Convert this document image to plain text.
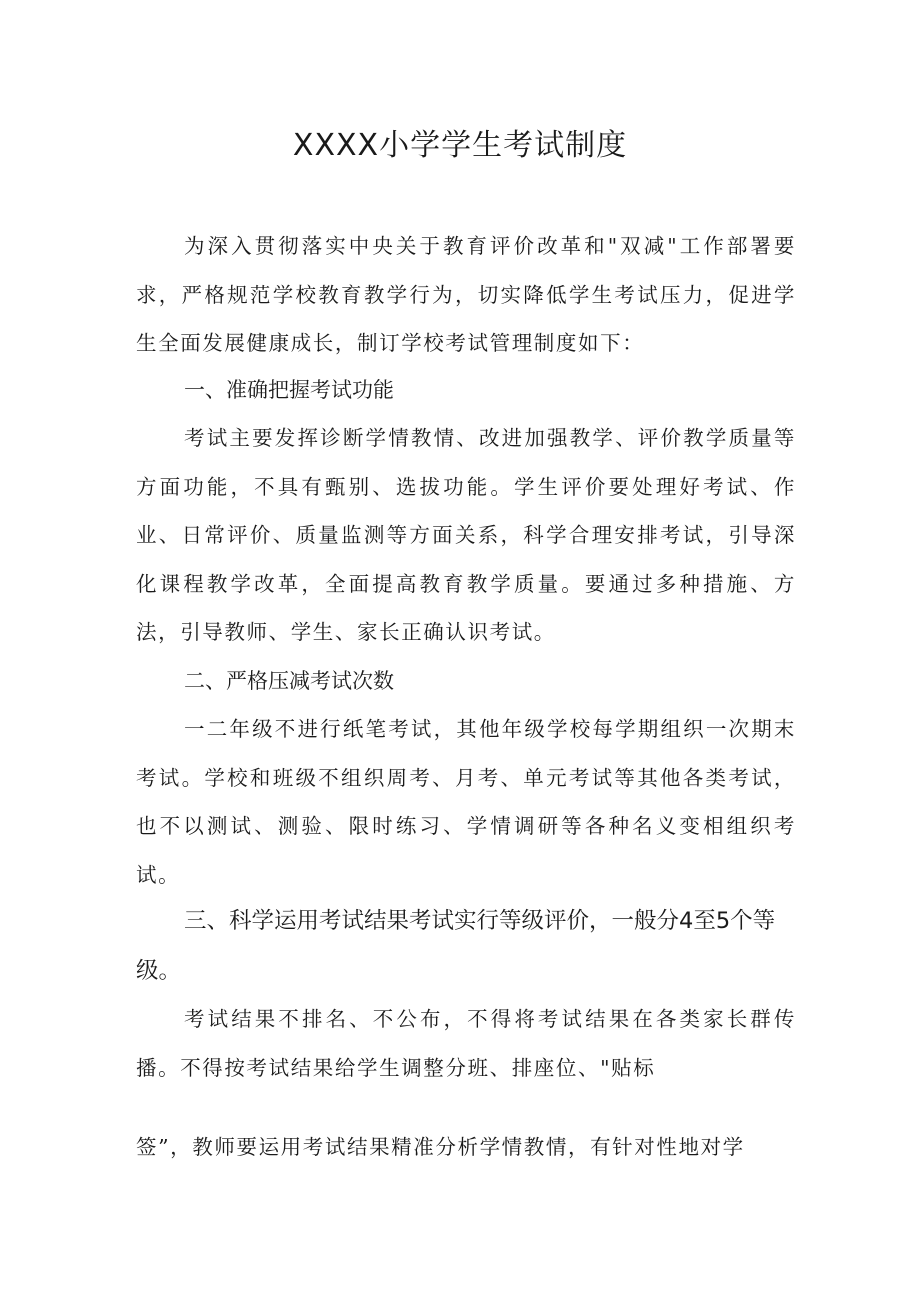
XXXX小学学生考试制度

为深入贯彻落实中央关于教育评价改革和"双减"工作部署要求，严格规范学校教育教学行为，切实降低学生考试压力，促进学生全面发展健康成长，制订学校考试管理制度如下：

一、准确把握考试功能

考试主要发挥诊断学情教情、改进加强教学、评价教学质量等方面功能，不具有甄别、选拔功能。学生评价要处理好考试、作业、日常评价、质量监测等方面关系，科学合理安排考试，引导深化课程教学改革，全面提高教育教学质量。要通过多种措施、方法，引导教师、学生、家长正确认识考试。

二、严格压减考试次数

一二年级不进行纸笔考试，其他年级学校每学期组织一次期末考试。学校和班级不组织周考、月考、单元考试等其他各类考试，也不以测试、测验、限时练习、学情调研等各种名义变相组织考试。

三、科学运用考试结果考试实行等级评价，一般分4至5个等级。

考试结果不排名、不公布，不得将考试结果在各类家长群传播。不得按考试结果给学生调整分班、排座位、"贴标

签”，教师要运用考试结果精准分析学情教情，有针对性地对学
